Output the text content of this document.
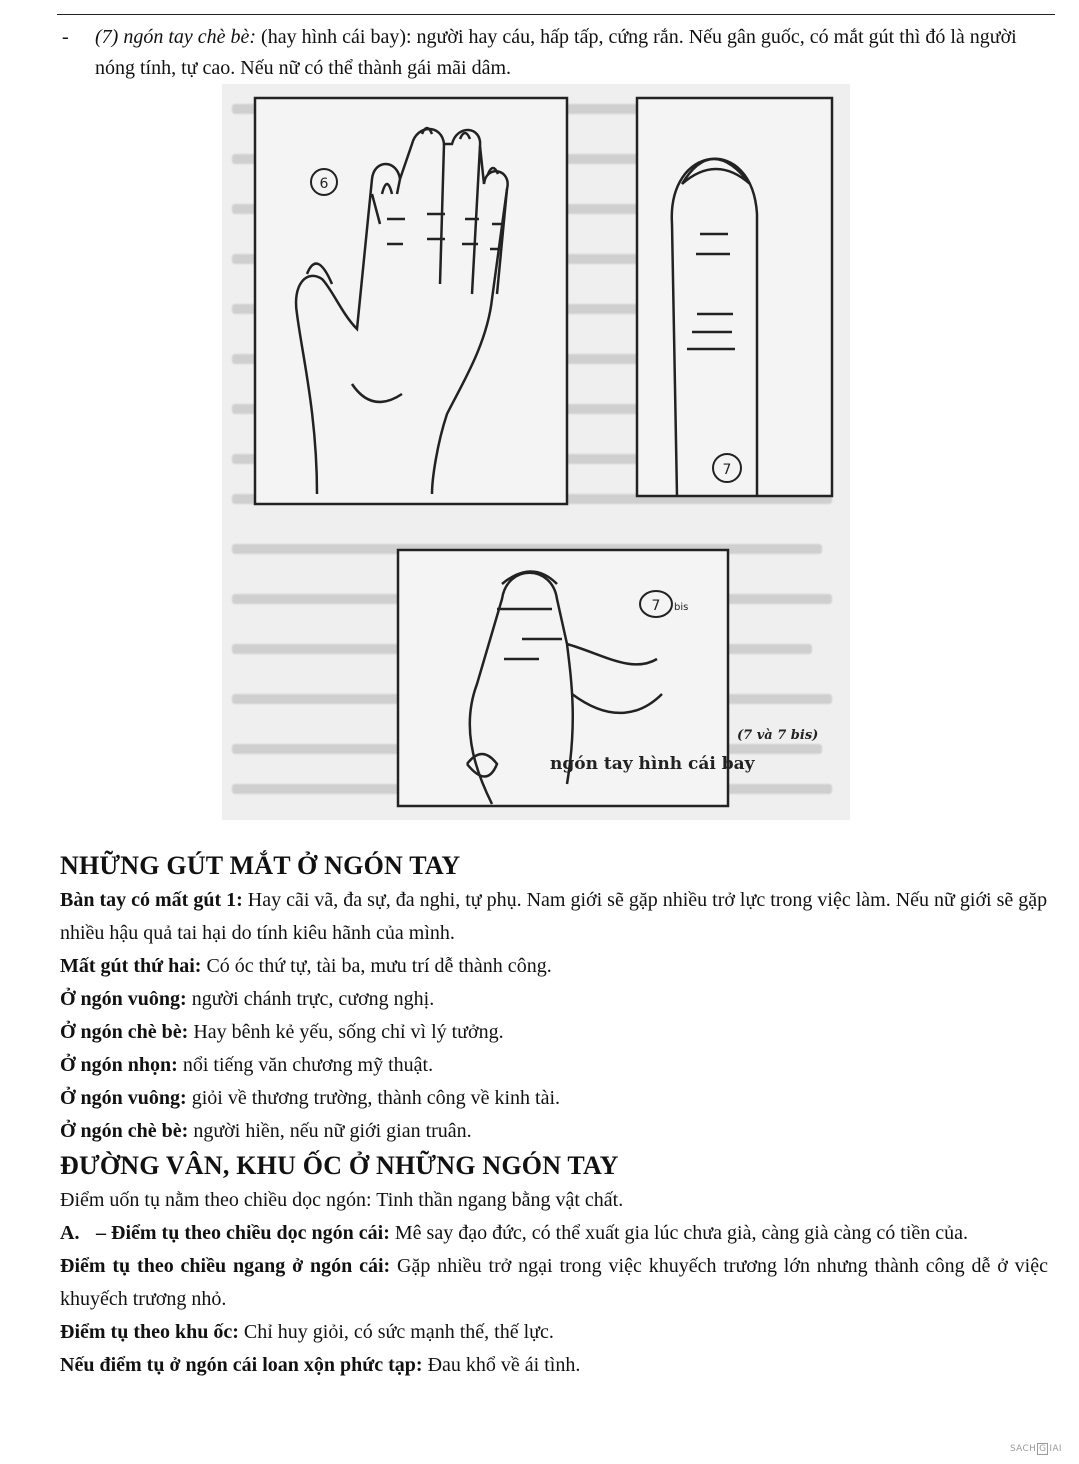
- (7) ngón tay chè bè: (hay hình cái bay): người hay cáu, hấp tấp, cứng rắn. Nếu gân guốc, có mắt gút thì đó là người nóng tính, tự cao. Nếu nữ có thể thành gái mãi dâm.
6
7
7 bis
(7 và 7 bis)
ngón tay hình cái bay

NHỮNG GÚT MẮT Ở NGÓN TAY

Bàn tay có mất gút 1: Hay cãi vã, đa sự, đa nghi, tự phụ. Nam giới sẽ gặp nhiều trở lực trong việc làm. Nếu nữ giới sẽ gặp nhiều hậu quả tai hại do tính kiêu hãnh của mình.

Mất gút thứ hai: Có óc thứ tự, tài ba, mưu trí dễ thành công.

Ở ngón vuông: người chánh trực, cương nghị.

Ở ngón chè bè: Hay bênh kẻ yếu, sống chỉ vì lý tưởng.

Ở ngón nhọn: nổi tiếng văn chương mỹ thuật.

Ở ngón vuông: giỏi về thương trường, thành công về kinh tài.

Ở ngón chè bè: người hiền, nếu nữ giới gian truân.

ĐƯỜNG VÂN, KHU ỐC Ở NHỮNG NGÓN TAY

Điểm uốn tụ nằm theo chiều dọc ngón: Tinh thần ngang bằng vật chất.

A. – Điểm tụ theo chiều dọc ngón cái: Mê say đạo đức, có thể xuất gia lúc chưa già, càng già càng có tiền của.

Điểm tụ theo chiều ngang ở ngón cái: Gặp nhiều trở ngại trong việc khuyếch trương lớn nhưng thành công dễ ở việc khuyếch trương nhỏ.

Điểm tụ theo khu ốc: Chỉ huy giỏi, có sức mạnh thế, thế lực.

Nếu điểm tụ ở ngón cái loan xộn phức tạp: Đau khổ về ái tình.

SACH G IAI
